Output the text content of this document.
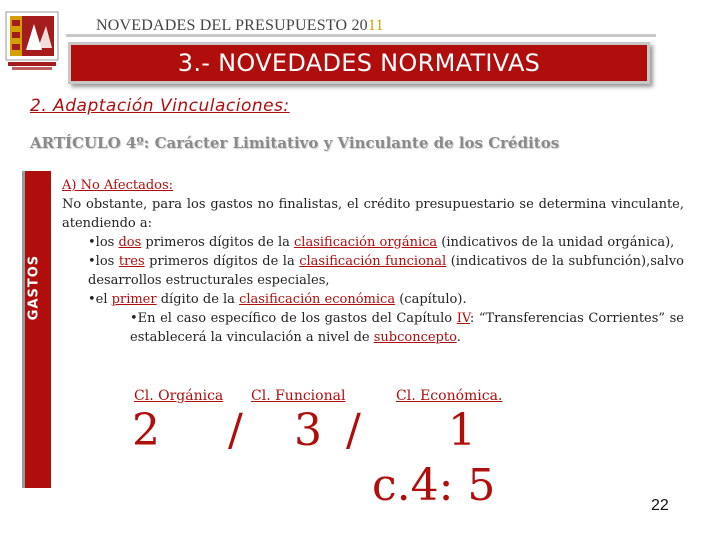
NOVEDADES DEL PRESUPUESTO 2011
3.- NOVEDADES NORMATIVAS
2. Adaptación Vinculaciones:
ARTÍCULO 4º: Carácter Limitativo y Vinculante de los Créditos
GASTOS

A) No Afectados:

No obstante, para los gastos no finalistas, el crédito presupuestario se determina vinculante, atendiendo a:

•los dos primeros dígitos de la clasificación orgánica (indicativos de la unidad orgánica),

•los tres primeros dígitos de la clasificación funcional (indicativos de la subfunción),salvo desarrollos estructurales especiales,

•el primer dígito de la clasificación económica (capítulo).

•En el caso específico de los gastos del Capítulo IV: “Transferencias Corrientes” se establecerá la vinculación a nivel de subconcepto.

Cl. Orgánica Cl. Funcional	Cl. Económica.
2 / 3 / 1
c.4: 5	22
